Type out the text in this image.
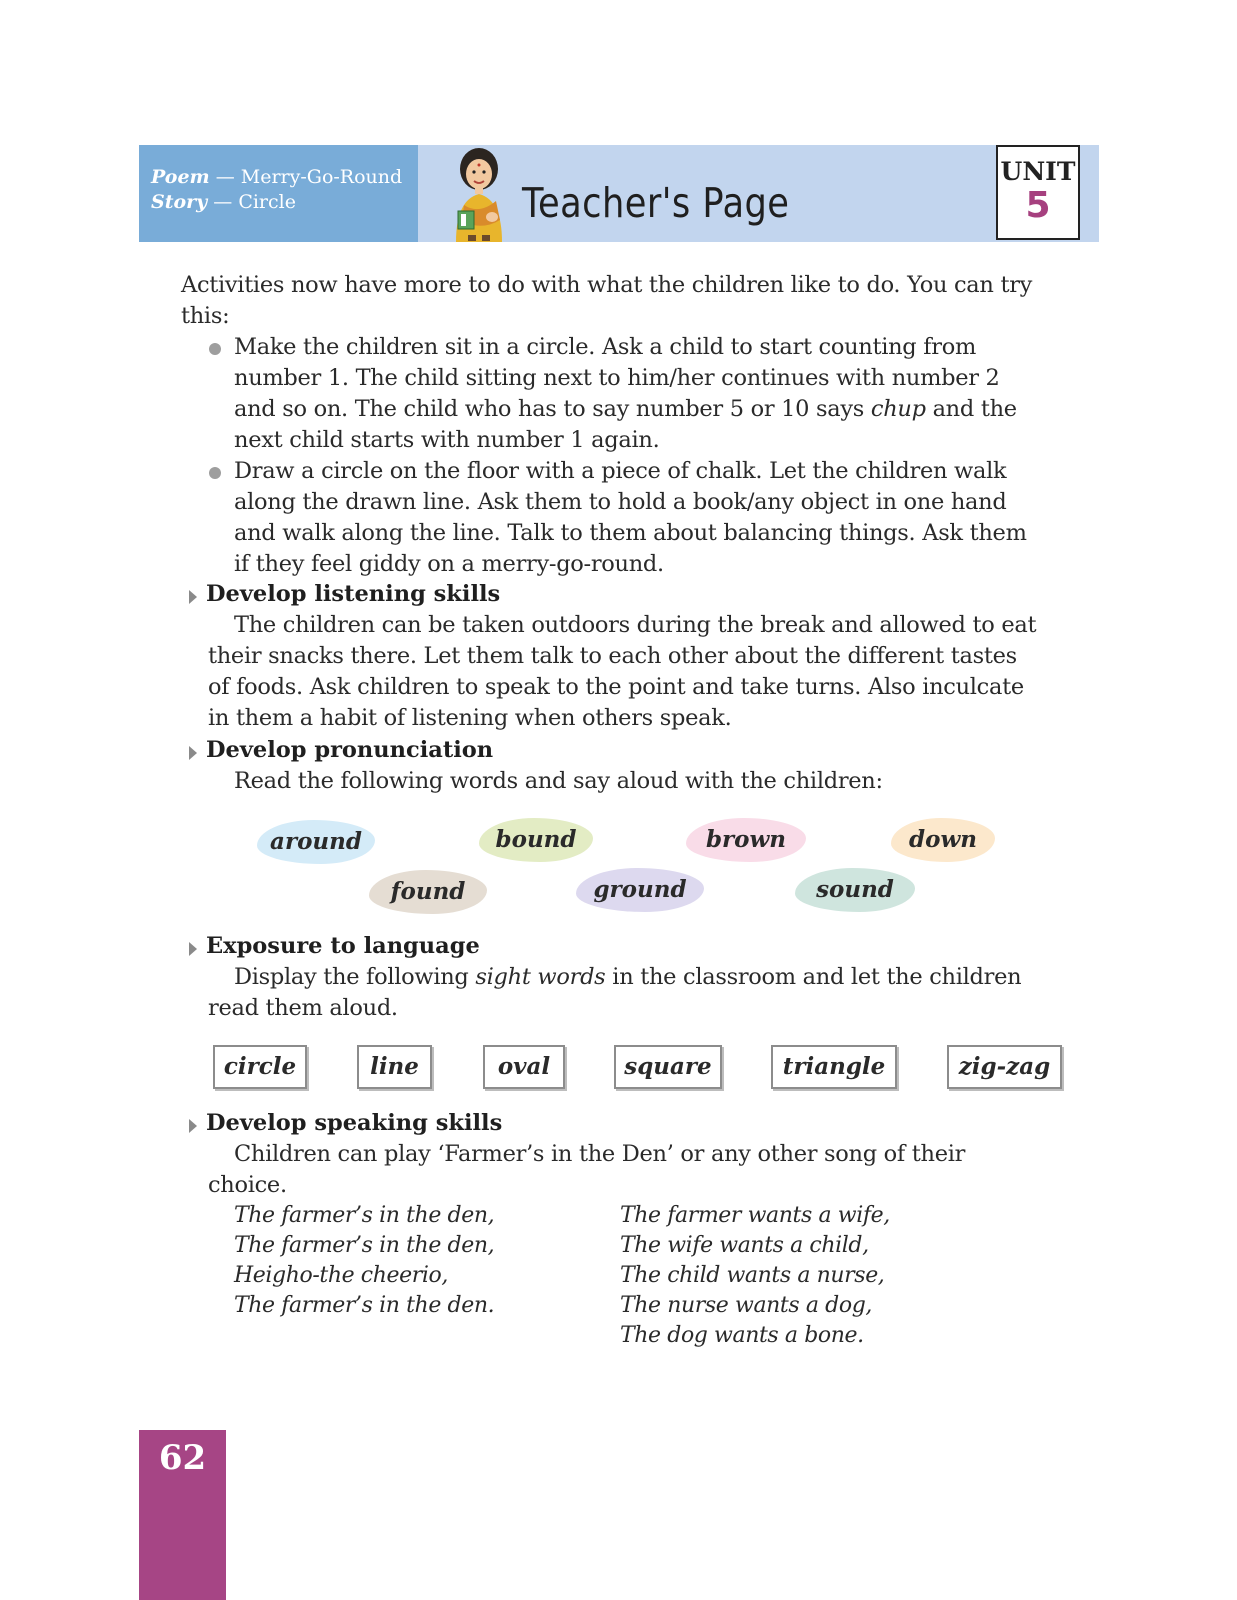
Poem — Merry-Go-Round
Story — Circle	Teacher's Page
UNIT
5
Activities now have more to do with what the children like to do. You can try
this:
Make the children sit in a circle. Ask a child to start counting from
number 1. The child sitting next to him/her continues with number 2
and so on. The child who has to say number 5 or 10 says chup and the
next child starts with number 1 again.
Draw a circle on the floor with a piece of chalk. Let the children walk
along the drawn line. Ask them to hold a book/any object in one hand
and walk along the line. Talk to them about balancing things. Ask them
if they feel giddy on a merry-go-round.
Develop listening skills
The children can be taken outdoors during the break and allowed to eat
their snacks there. Let them talk to each other about the different tastes
of foods. Ask children to speak to the point and take turns. Also inculcate
in them a habit of listening when others speak.
Develop pronunciation
Read the following words and say aloud with the children:
around	bound	brown	down
found	ground	sound
Exposure to language
Display the following sight words in the classroom and let the children
read them aloud.
circle	line	oval	square	triangle	zig-zag
Develop speaking skills
Children can play ‘Farmer’s in the Den’ or any other song of their
choice.
The farmer’s in the den,
The farmer’s in the den,
Heigho-the cheerio,
The farmer’s in the den.
The farmer wants a wife,
The wife wants a child,
The child wants a nurse,
The nurse wants a dog,
The dog wants a bone.
62
